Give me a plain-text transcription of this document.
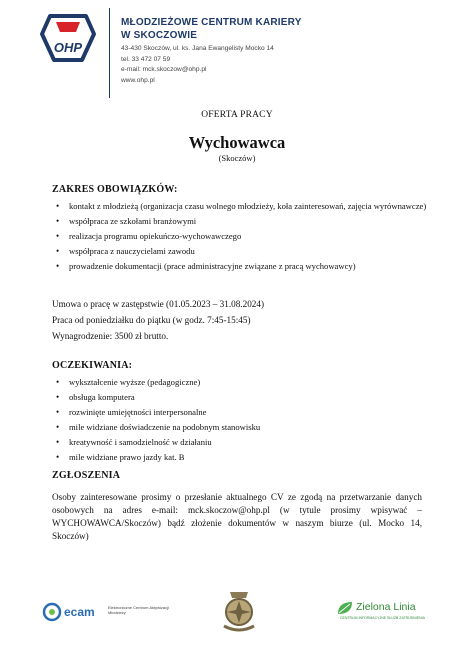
OHP
MŁODZIEŻOWE CENTRUM KARIERY
W SKOCZOWIE
43-430 Skoczów, ul. ks. Jana Ewangelisty Mocko 14
tel. 33 472 07 59
e-mail: mck.skoczow@ohp.pl
www.ohp.pl
OFERTA PRACY
Wychowawca
(Skoczów)
ZAKRES OBOWIĄZKÓW:
• kontakt z młodzieżą (organizacja czasu wolnego młodzieży, koła zainteresowań, zajęcia wyrównawcze)
• współpraca ze szkołami branżowymi
• realizacja programu opiekuńczo-wychowawczego
• współpraca z nauczycielami zawodu
• prowadzenie dokumentacji (prace administracyjne związane z pracą wychowawcy)
Umowa o pracę w zastępstwie (01.05.2023 – 31.08.2024)
Praca od poniedziałku do piątku (w godz. 7:45-15:45)
Wynagrodzenie: 3500 zł brutto.
OCZEKIWANIA:
• wykształcenie wyższe (pedagogiczne)
• obsługa komputera
• rozwinięte umiejętności interpersonalne
• mile widziane doświadczenie na podobnym stanowisku
• kreatywność i samodzielność w działaniu
• mile widziane prawo jazdy kat. B
ZGŁOSZENIA
Osoby zainteresowane prosimy o przesłanie aktualnego CV ze zgodą na przetwarzanie danych osobowych na adres e-mail: mck.skoczow@ohp.pl (w tytule prosimy wpisywać – WYCHOWAWCA/Skoczów) bądź złożenie dokumentów w naszym biurze (ul. Mocko 14, Skoczów)
ecam	Elektroniczne Centrum Aktywizacji Młodzieży	Zielona Linia
CENTRUM INFORMACYJNE SŁUŻB ZATRUDNIENIA
